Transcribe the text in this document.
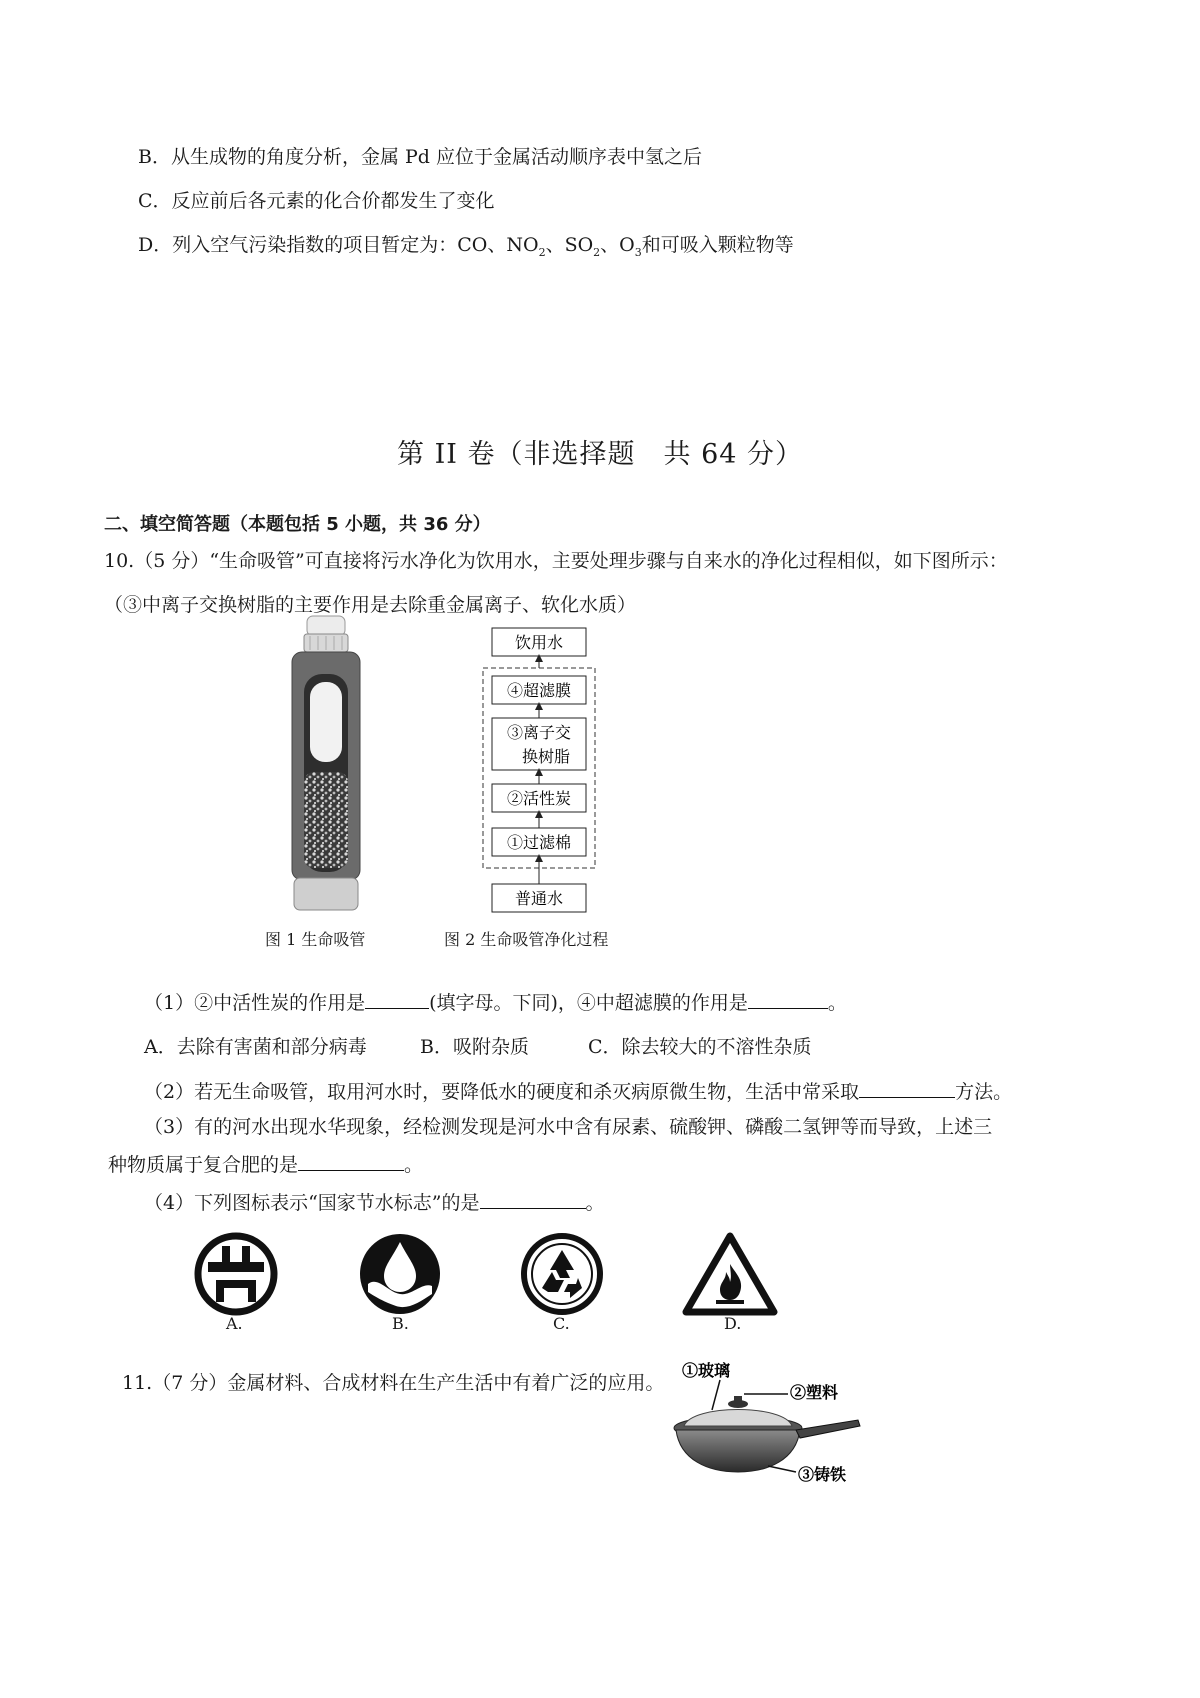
B．从生成物的角度分析，金属 Pd 应位于金属活动顺序表中氢之后
C．反应前后各元素的化合价都发生了变化
D．列入空气污染指数的项目暂定为：CO、$NO_2$、$SO_2$、$O_3$和可吸入颗粒物等
第 II 卷（非选择题　共 64 分）
二、填空简答题（本题包括 5 小题，共 36 分）
10.（5 分）“生命吸管”可直接将污水净化为饮用水，主要处理步骤与自来水的净化过程相似，如下图所示：
（③中离子交换树脂的主要作用是去除重金属离子、软化水质）
图 1 生命吸管
饮用水
④超滤膜
③离子交
换树脂
②活性炭
①过滤棉
普通水
图 2 生命吸管净化过程
（1）②中活性炭的作用是	(填字母。下同)，④中超滤膜的作用是	。
A．去除有害菌和部分病毒	B．吸附杂质	C．除去较大的不溶性杂质
（2）若无生命吸管，取用河水时，要降低水的硬度和杀灭病原微生物，生活中常采取	方法。
（3）有的河水出现水华现象，经检测发现是河水中含有尿素、硫酸钾、磷酸二氢钾等而导致，上述三
种物质属于复合肥的是	。
（4）下列图标表示“国家节水标志”的是	。
A.	B.	C.	D.
11.（7 分）金属材料、合成材料在生产生活中有着广泛的应用。
①玻璃
②塑料
③铸铁
